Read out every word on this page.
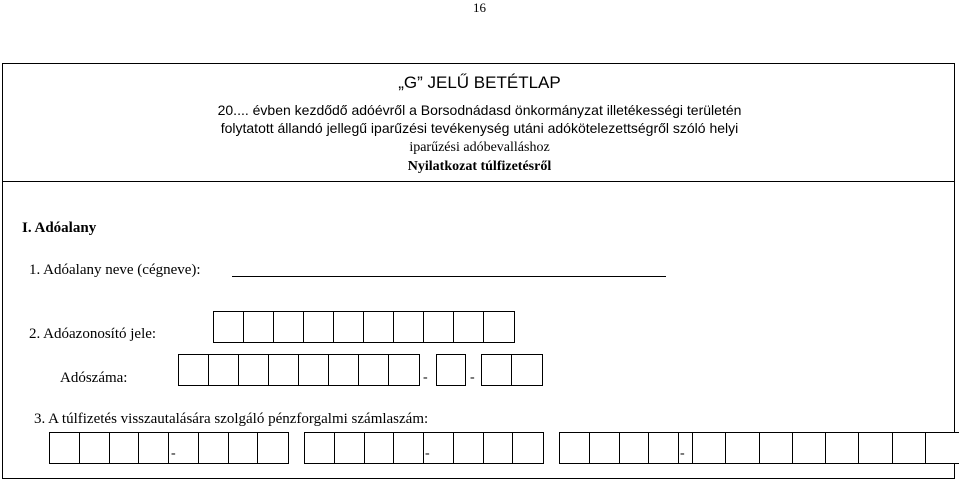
16
„G” JELŰ BETÉTLAP
20.... évben kezdődő adóévről a Borsodnádasd önkormányzat illetékességi területén
folytatott állandó jellegű iparűzési tevékenység utáni adókötelezettségről szóló helyi
iparűzési adóbevalláshoz
Nyilatkozat túlfizetésről
I. Adóalany
1. Adóalany neve (cégneve):
2. Adóazonosító jele:
Adószáma:	-	-
3. A túlfizetés visszautalására szolgáló pénzforgalmi számlaszám:
-	-	-
